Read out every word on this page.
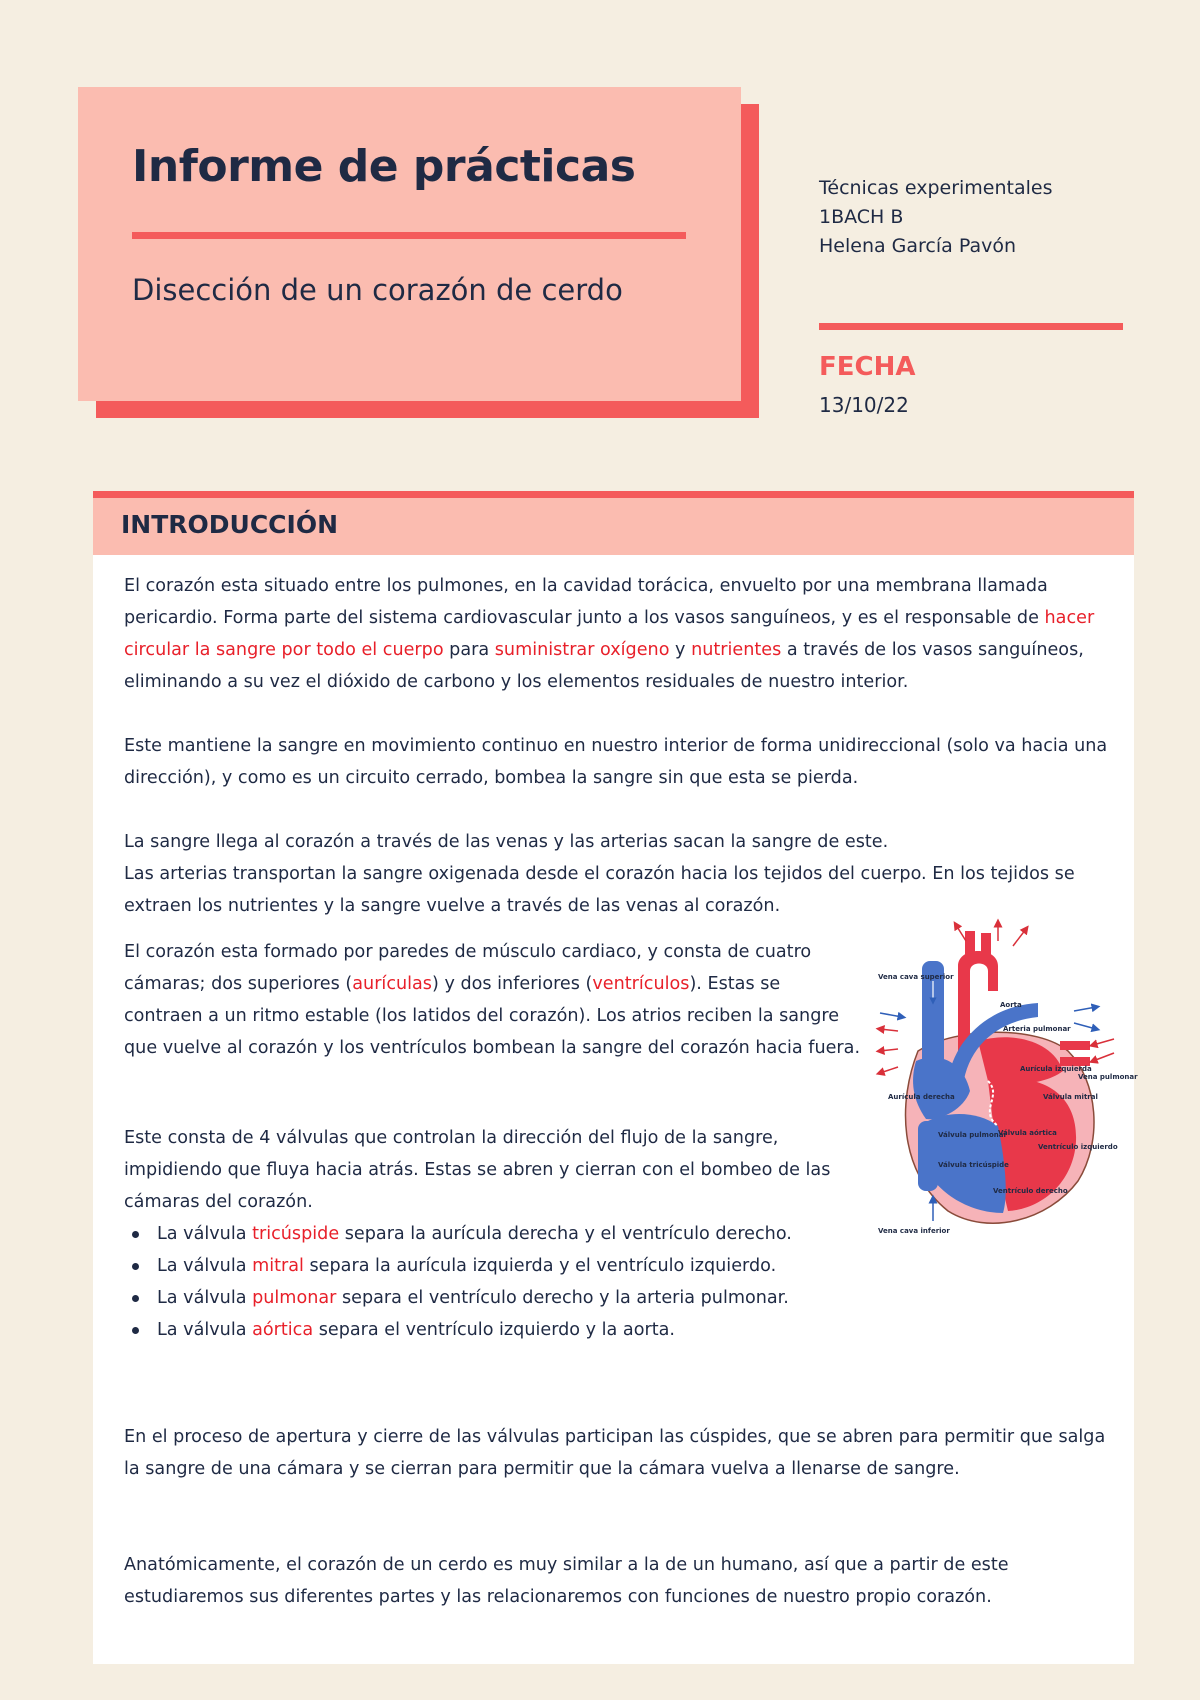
Informe de prácticas
Disección de un corazón de cerdo
Técnicas experimentales
1BACH B
Helena García Pavón
FECHA
13/10/22
INTRODUCCIÓN

El corazón esta situado entre los pulmones, en la cavidad torácica, envuelto por una membrana llamada pericardio. Forma parte del sistema cardiovascular junto a los vasos sanguíneos, y es el responsable de hacer circular la sangre por todo el cuerpo para suministrar oxígeno y nutrientes a través de los vasos sanguíneos, eliminando a su vez el dióxido de carbono y los elementos residuales de nuestro interior.

Este mantiene la sangre en movimiento continuo en nuestro interior de forma unidireccional (solo va hacia una dirección), y como es un circuito cerrado, bombea la sangre sin que esta se pierda.

La sangre llega al corazón a través de las venas y las arterias sacan la sangre de este.
Las arterias transportan la sangre oxigenada desde el corazón hacia los tejidos del cuerpo. En los tejidos se extraen los nutrientes y la sangre vuelve a través de las venas al corazón.

El corazón esta formado por paredes de músculo cardiaco, y consta de cuatro cámaras; dos superiores (aurículas) y dos inferiores (ventrículos). Estas se contraen a un ritmo estable (los latidos del corazón). Los atrios reciben la sangre que vuelve al corazón y los ventrículos bombean la sangre del corazón hacia fuera.

Este consta de 4 válvulas que controlan la dirección del flujo de la sangre, impidiendo que fluya hacia atrás. Estas se abren y cierran con el bombeo de las cámaras del corazón.

La válvula tricúspide separa la aurícula derecha y el ventrículo derecho.
La válvula mitral separa la aurícula izquierda y el ventrículo izquierdo.
La válvula pulmonar separa el ventrículo derecho y la arteria pulmonar.
La válvula aórtica separa el ventrículo izquierdo y la aorta.

En el proceso de apertura y cierre de las válvulas participan las cúspides, que se abren para permitir que salga la sangre de una cámara y se cierran para permitir que la cámara vuelva a llenarse de sangre.

Anatómicamente, el corazón de un cerdo es muy similar a la de un humano, así que a partir de este estudiaremos sus diferentes partes y las relacionaremos con funciones de nuestro propio corazón.

Vena cava superior
Aorta
Arteria pulmonar
Vena pulmonar
Aurícula izquierda
Aurícula derecha	Válvula mitral
Válvula pulmonar
Válvula aórtica
Ventrículo izquierdo
Válvula tricúspide
Ventrículo derecho
Vena cava inferior
